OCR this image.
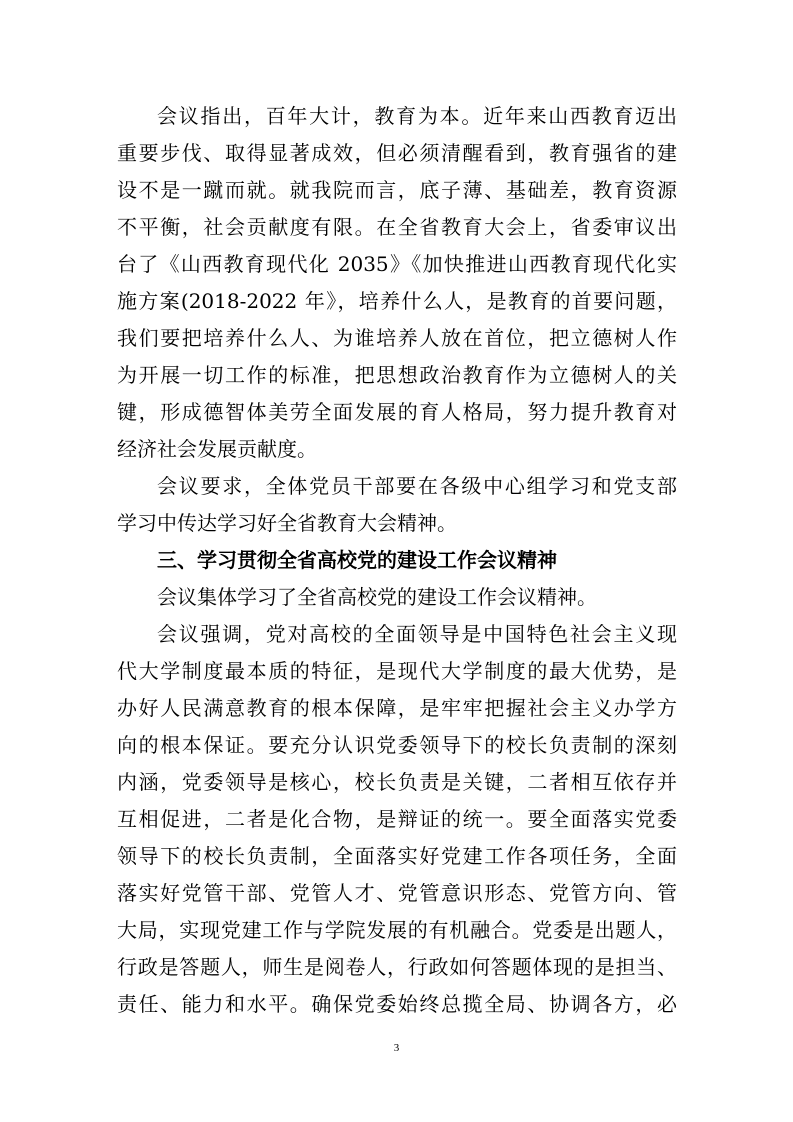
会议指出，百年大计，教育为本。近年来山西教育迈出
重要步伐、取得显著成效，但必须清醒看到，教育强省的建
设不是一蹴而就。就我院而言，底子薄、基础差，教育资源
不平衡，社会贡献度有限。在全省教育大会上，省委审议出
台了《山西教育现代化 2035》《加快推进山西教育现代化实
施方案(2018-2022 年》，培养什么人，是教育的首要问题，
我们要把培养什么人、为谁培养人放在首位，把立德树人作
为开展一切工作的标准，把思想政治教育作为立德树人的关
键，形成德智体美劳全面发展的育人格局，努力提升教育对
经济社会发展贡献度。
会议要求，全体党员干部要在各级中心组学习和党支部
学习中传达学习好全省教育大会精神。
三、学习贯彻全省高校党的建设工作会议精神
会议集体学习了全省高校党的建设工作会议精神。
会议强调，党对高校的全面领导是中国特色社会主义现
代大学制度最本质的特征，是现代大学制度的最大优势，是
办好人民满意教育的根本保障，是牢牢把握社会主义办学方
向的根本保证。要充分认识党委领导下的校长负责制的深刻
内涵，党委领导是核心，校长负责是关键，二者相互依存并
互相促进，二者是化合物，是辩证的统一。要全面落实党委
领导下的校长负责制，全面落实好党建工作各项任务，全面
落实好党管干部、党管人才、党管意识形态、党管方向、管
大局，实现党建工作与学院发展的有机融合。党委是出题人，
行政是答题人，师生是阅卷人，行政如何答题体现的是担当、
责任、能力和水平。确保党委始终总揽全局、协调各方，必
3
